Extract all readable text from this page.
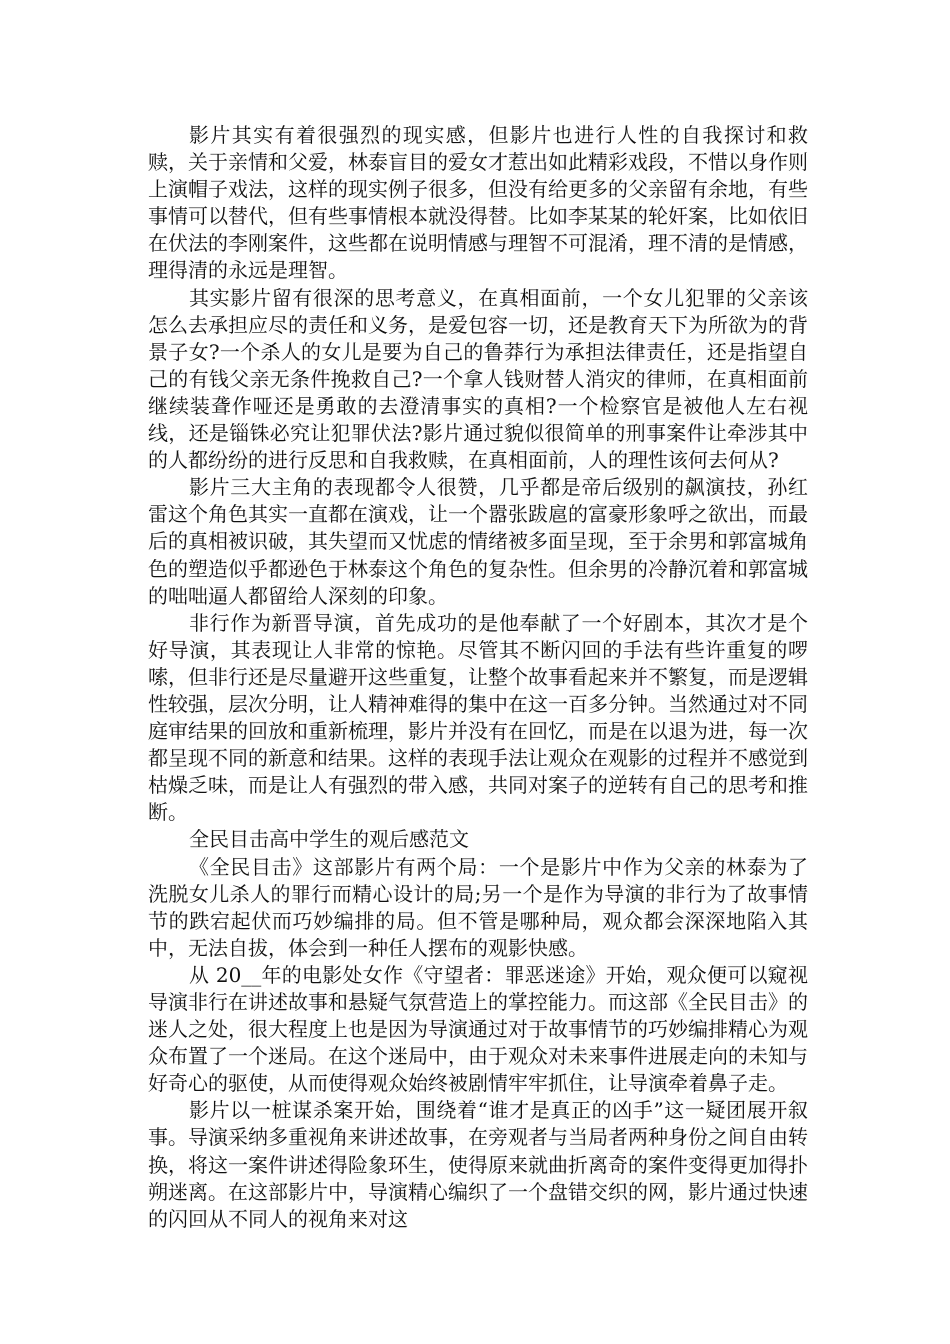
影片其实有着很强烈的现实感，但影片也进行人性的自我探讨和救赎，关于亲情和父爱，林泰盲目的爱女才惹出如此精彩戏段，不惜以身作则上演帽子戏法，这样的现实例子很多，但没有给更多的父亲留有余地，有些事情可以替代，但有些事情根本就没得替。比如李某某的轮奸案，比如依旧在伏法的李刚案件，这些都在说明情感与理智不可混淆，理不清的是情感，理得清的永远是理智。

其实影片留有很深的思考意义，在真相面前，一个女儿犯罪的父亲该怎么去承担应尽的责任和义务，是爱包容一切，还是教育天下为所欲为的背景子女?一个杀人的女儿是要为自己的鲁莽行为承担法律责任，还是指望自己的有钱父亲无条件挽救自己?一个拿人钱财替人消灾的律师，在真相面前继续装聋作哑还是勇敢的去澄清事实的真相?一个检察官是被他人左右视线，还是锱铢必究让犯罪伏法?影片通过貌似很简单的刑事案件让牵涉其中的人都纷纷的进行反思和自我救赎，在真相面前，人的理性该何去何从?

影片三大主角的表现都令人很赞，几乎都是帝后级别的飙演技，孙红雷这个角色其实一直都在演戏，让一个嚣张跋扈的富豪形象呼之欲出，而最后的真相被识破，其失望而又忧虑的情绪被多面呈现，至于余男和郭富城角色的塑造似乎都逊色于林泰这个角色的复杂性。但余男的冷静沉着和郭富城的咄咄逼人都留给人深刻的印象。

非行作为新晋导演，首先成功的是他奉献了一个好剧本，其次才是个好导演，其表现让人非常的惊艳。尽管其不断闪回的手法有些许重复的啰嗦，但非行还是尽量避开这些重复，让整个故事看起来并不繁复，而是逻辑性较强，层次分明，让人精神难得的集中在这一百多分钟。当然通过对不同庭审结果的回放和重新梳理，影片并没有在回忆，而是在以退为进，每一次都呈现不同的新意和结果。这样的表现手法让观众在观影的过程并不感觉到枯燥乏味，而是让人有强烈的带入感，共同对案子的逆转有自己的思考和推断。

全民目击高中学生的观后感范文

《全民目击》这部影片有两个局：一个是影片中作为父亲的林泰为了洗脱女儿杀人的罪行而精心设计的局;另一个是作为导演的非行为了故事情节的跌宕起伏而巧妙编排的局。但不管是哪种局，观众都会深深地陷入其中，无法自拔，体会到一种任人摆布的观影快感。

从 20__年的电影处女作《守望者：罪恶迷途》开始，观众便可以窥视导演非行在讲述故事和悬疑气氛营造上的掌控能力。而这部《全民目击》的迷人之处，很大程度上也是因为导演通过对于故事情节的巧妙编排精心为观众布置了一个迷局。在这个迷局中，由于观众对未来事件进展走向的未知与好奇心的驱使，从而使得观众始终被剧情牢牢抓住，让导演牵着鼻子走。

影片以一桩谋杀案开始，围绕着“谁才是真正的凶手”这一疑团展开叙事。导演采纳多重视角来讲述故事，在旁观者与当局者两种身份之间自由转换，将这一案件讲述得险象环生，使得原来就曲折离奇的案件变得更加得扑朔迷离。在这部影片中，导演精心编织了一个盘错交织的网，影片通过快速的闪回从不同人的视角来对这
